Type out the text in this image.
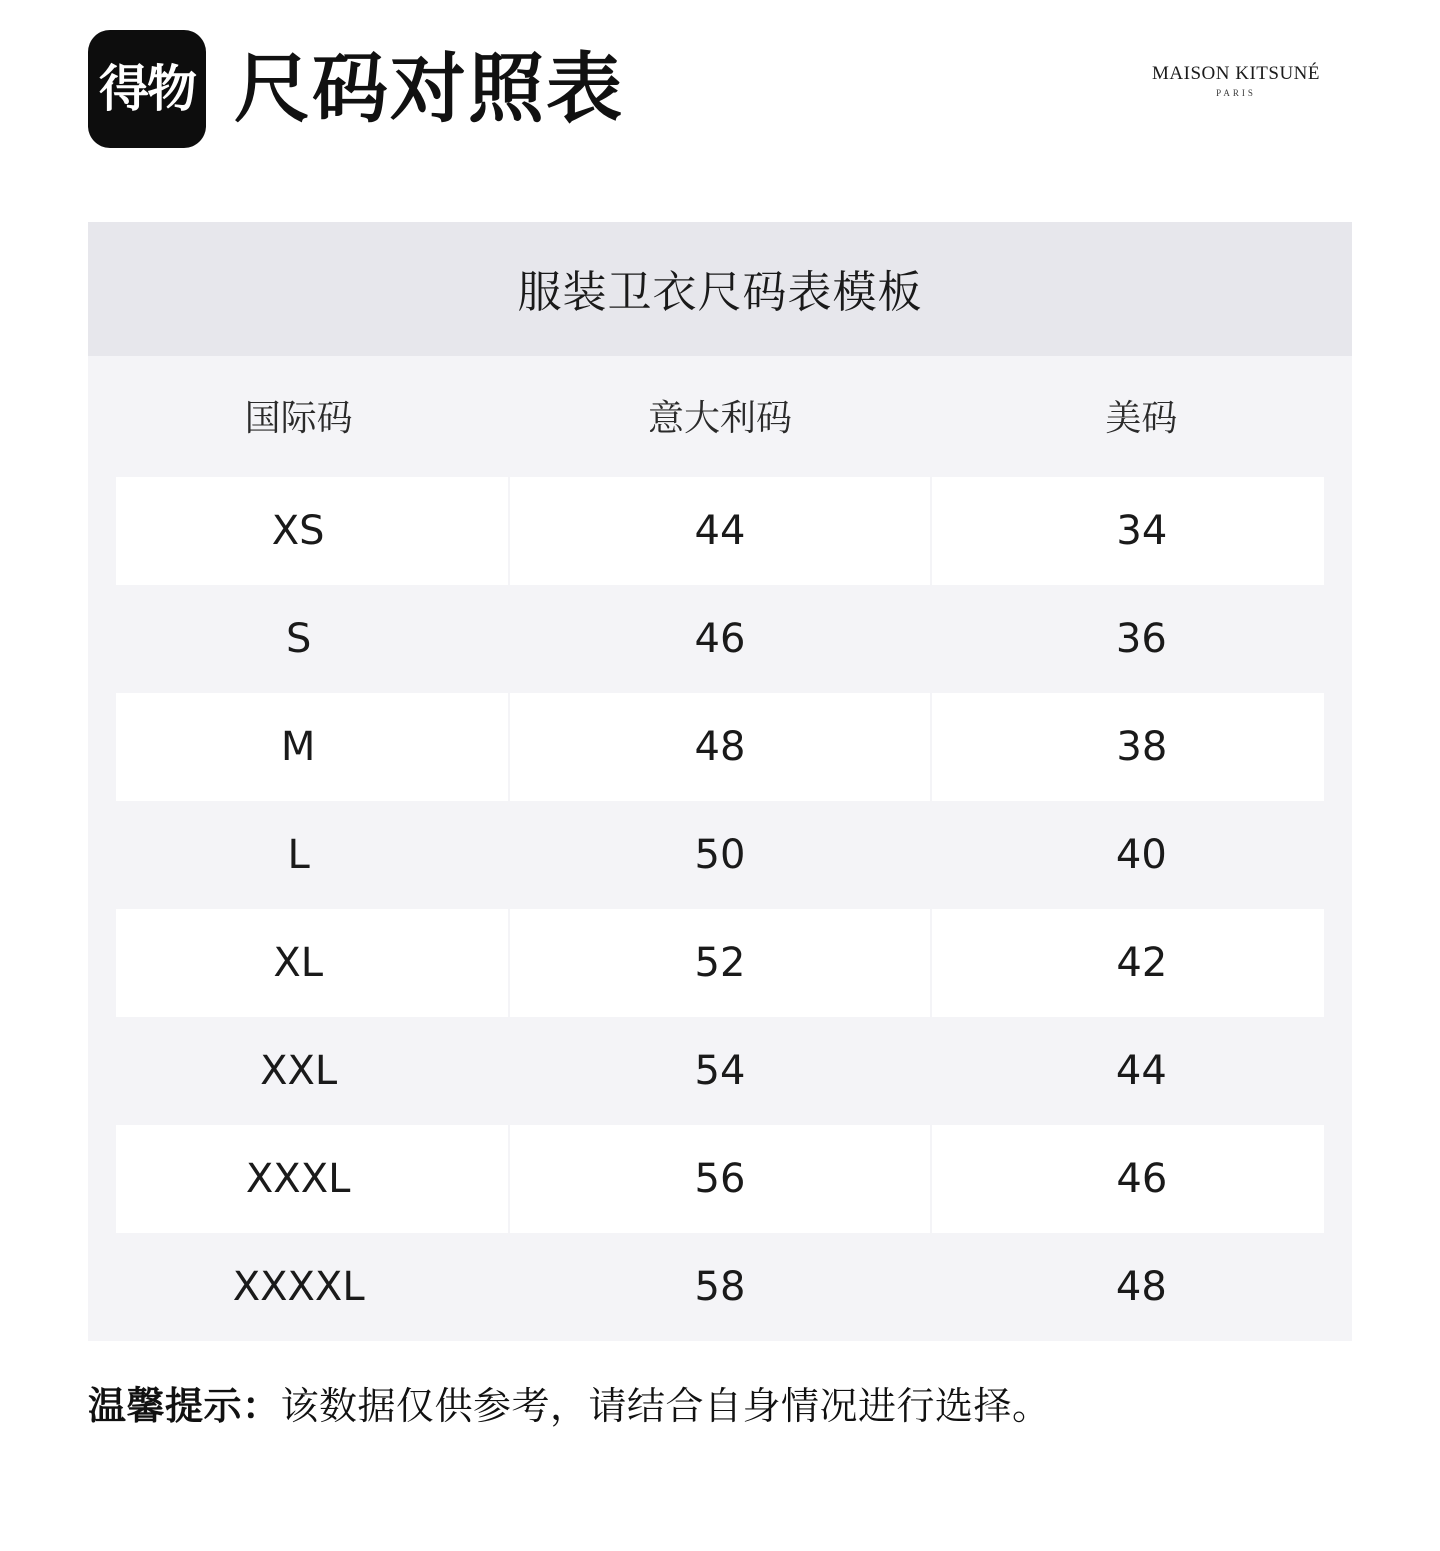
得物 尺码对照表	MAISON KITSUNÉ
PARIS
服装卫衣尺码表模板
国际码	意大利码	美码
XS	44	34
S	46	36
M	48	38
L	50	40
XL	52	42
XXL	54	44
XXXL	56	46
XXXXL	58	48
温馨提示：该数据仅供参考，请结合自身情况进行选择。
